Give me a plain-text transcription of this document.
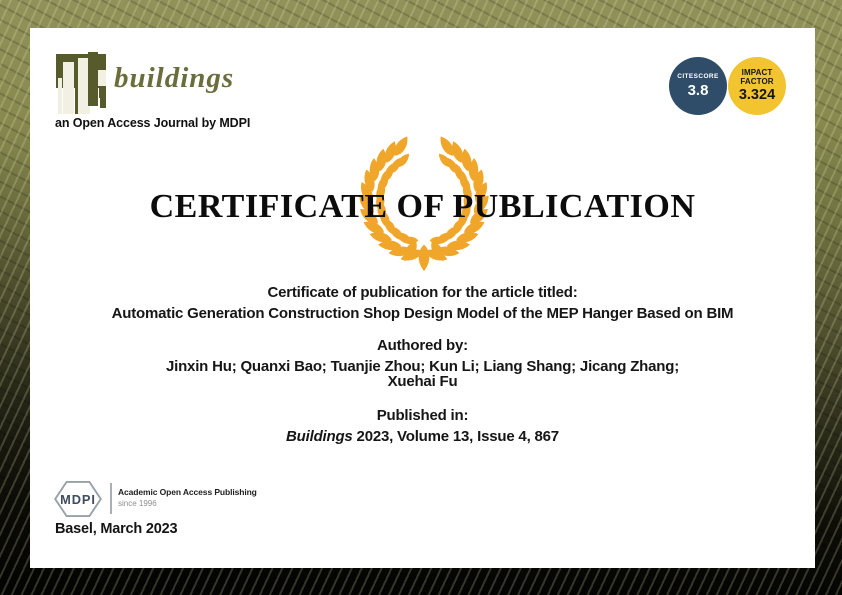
buildings
an Open Access Journal by MDPI
CITESCORE
3.8
IMPACT
FACTOR
3.324
CERTIFICATE OF PUBLICATION
Certificate of publication for the article titled:
Automatic Generation Construction Shop Design Model of the MEP Hanger Based on BIM
Authored by:
Jinxin Hu; Quanxi Bao; Tuanjie Zhou; Kun Li; Liang Shang; Jicang Zhang;
Xuehai Fu
Published in:
Buildings 2023, Volume 13, Issue 4, 867
MDPI
Academic Open Access Publishing
since 1996
Basel, March 2023
